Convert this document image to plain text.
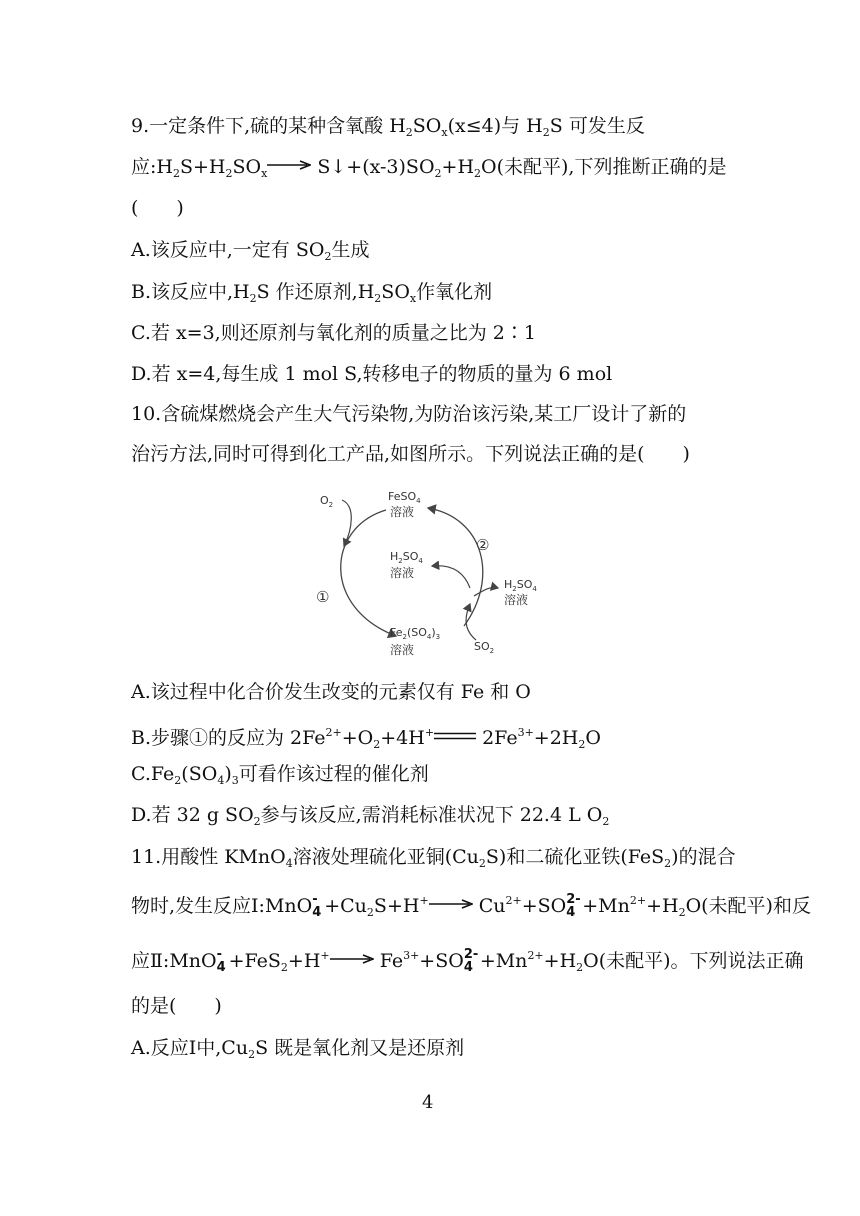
9.一定条件下,硫的某种含氧酸 $H_2SO_x(x\le 4)$与 $H_2S$ 可发生反
应$:H_2S+H_2SO_x$ → $S↓+(x-3)SO_2+H_2O$(未配平),下列推断正确的是
(　　)
A.该反应中,一定有 $SO_2$生成
B.该反应中$,H_2S$ 作还原剂$,H_2SO_x$作氧化剂
C.若 x=3,则还原剂与氧化剂的质量之比为 2∶1
D.若 x=4,每生成 1 mol S,转移电子的物质的量为 6 mol
10.含硫煤燃烧会产生大气污染物,为防治该污染,某工厂设计了新的
治污方法,同时可得到化工产品,如图所示。下列说法正确的是(　　)
FeSO$_4$
溶液
$O_2$
$H_2SO_4$
溶液
$H_2SO_4$
溶液
$Fe_2(SO_4)_3$
溶液	$SO_2$
①
②
A.该过程中化合价发生改变的元素仅有 Fe 和 O
B.步骤①的反应为 $2Fe^{2+}+O_2+4H^+$	$2Fe^{3+}+2H_2O$
$C.Fe_2(SO_4)_3$可看作该过程的催化剂
D.若 32 g $SO_2$参与该反应,需消耗标准状况下 22.4 L $O_2$
11.用酸性 KMnO$_4$溶液处理硫化亚铜$(Cu_2S)$和二硫化亚铁(FeS$_2$)的混合
物时,发生反应Ⅰ:MnO -
$4 +Cu_2S+H^+\to Cu^{2+}+SO$ 2-
$4 +Mn^{2+}+H_2O$(未配平)和反
应Ⅱ:MnO -
$4 +FeS_2+H^+\to Fe^{3+}+SO$ 2-
$4 +Mn^{2+}+H_2O$(未配平)。下列说法正确
的是(　　)
A.反应Ⅰ中$,Cu_2S$ 既是氧化剂又是还原剂
4
